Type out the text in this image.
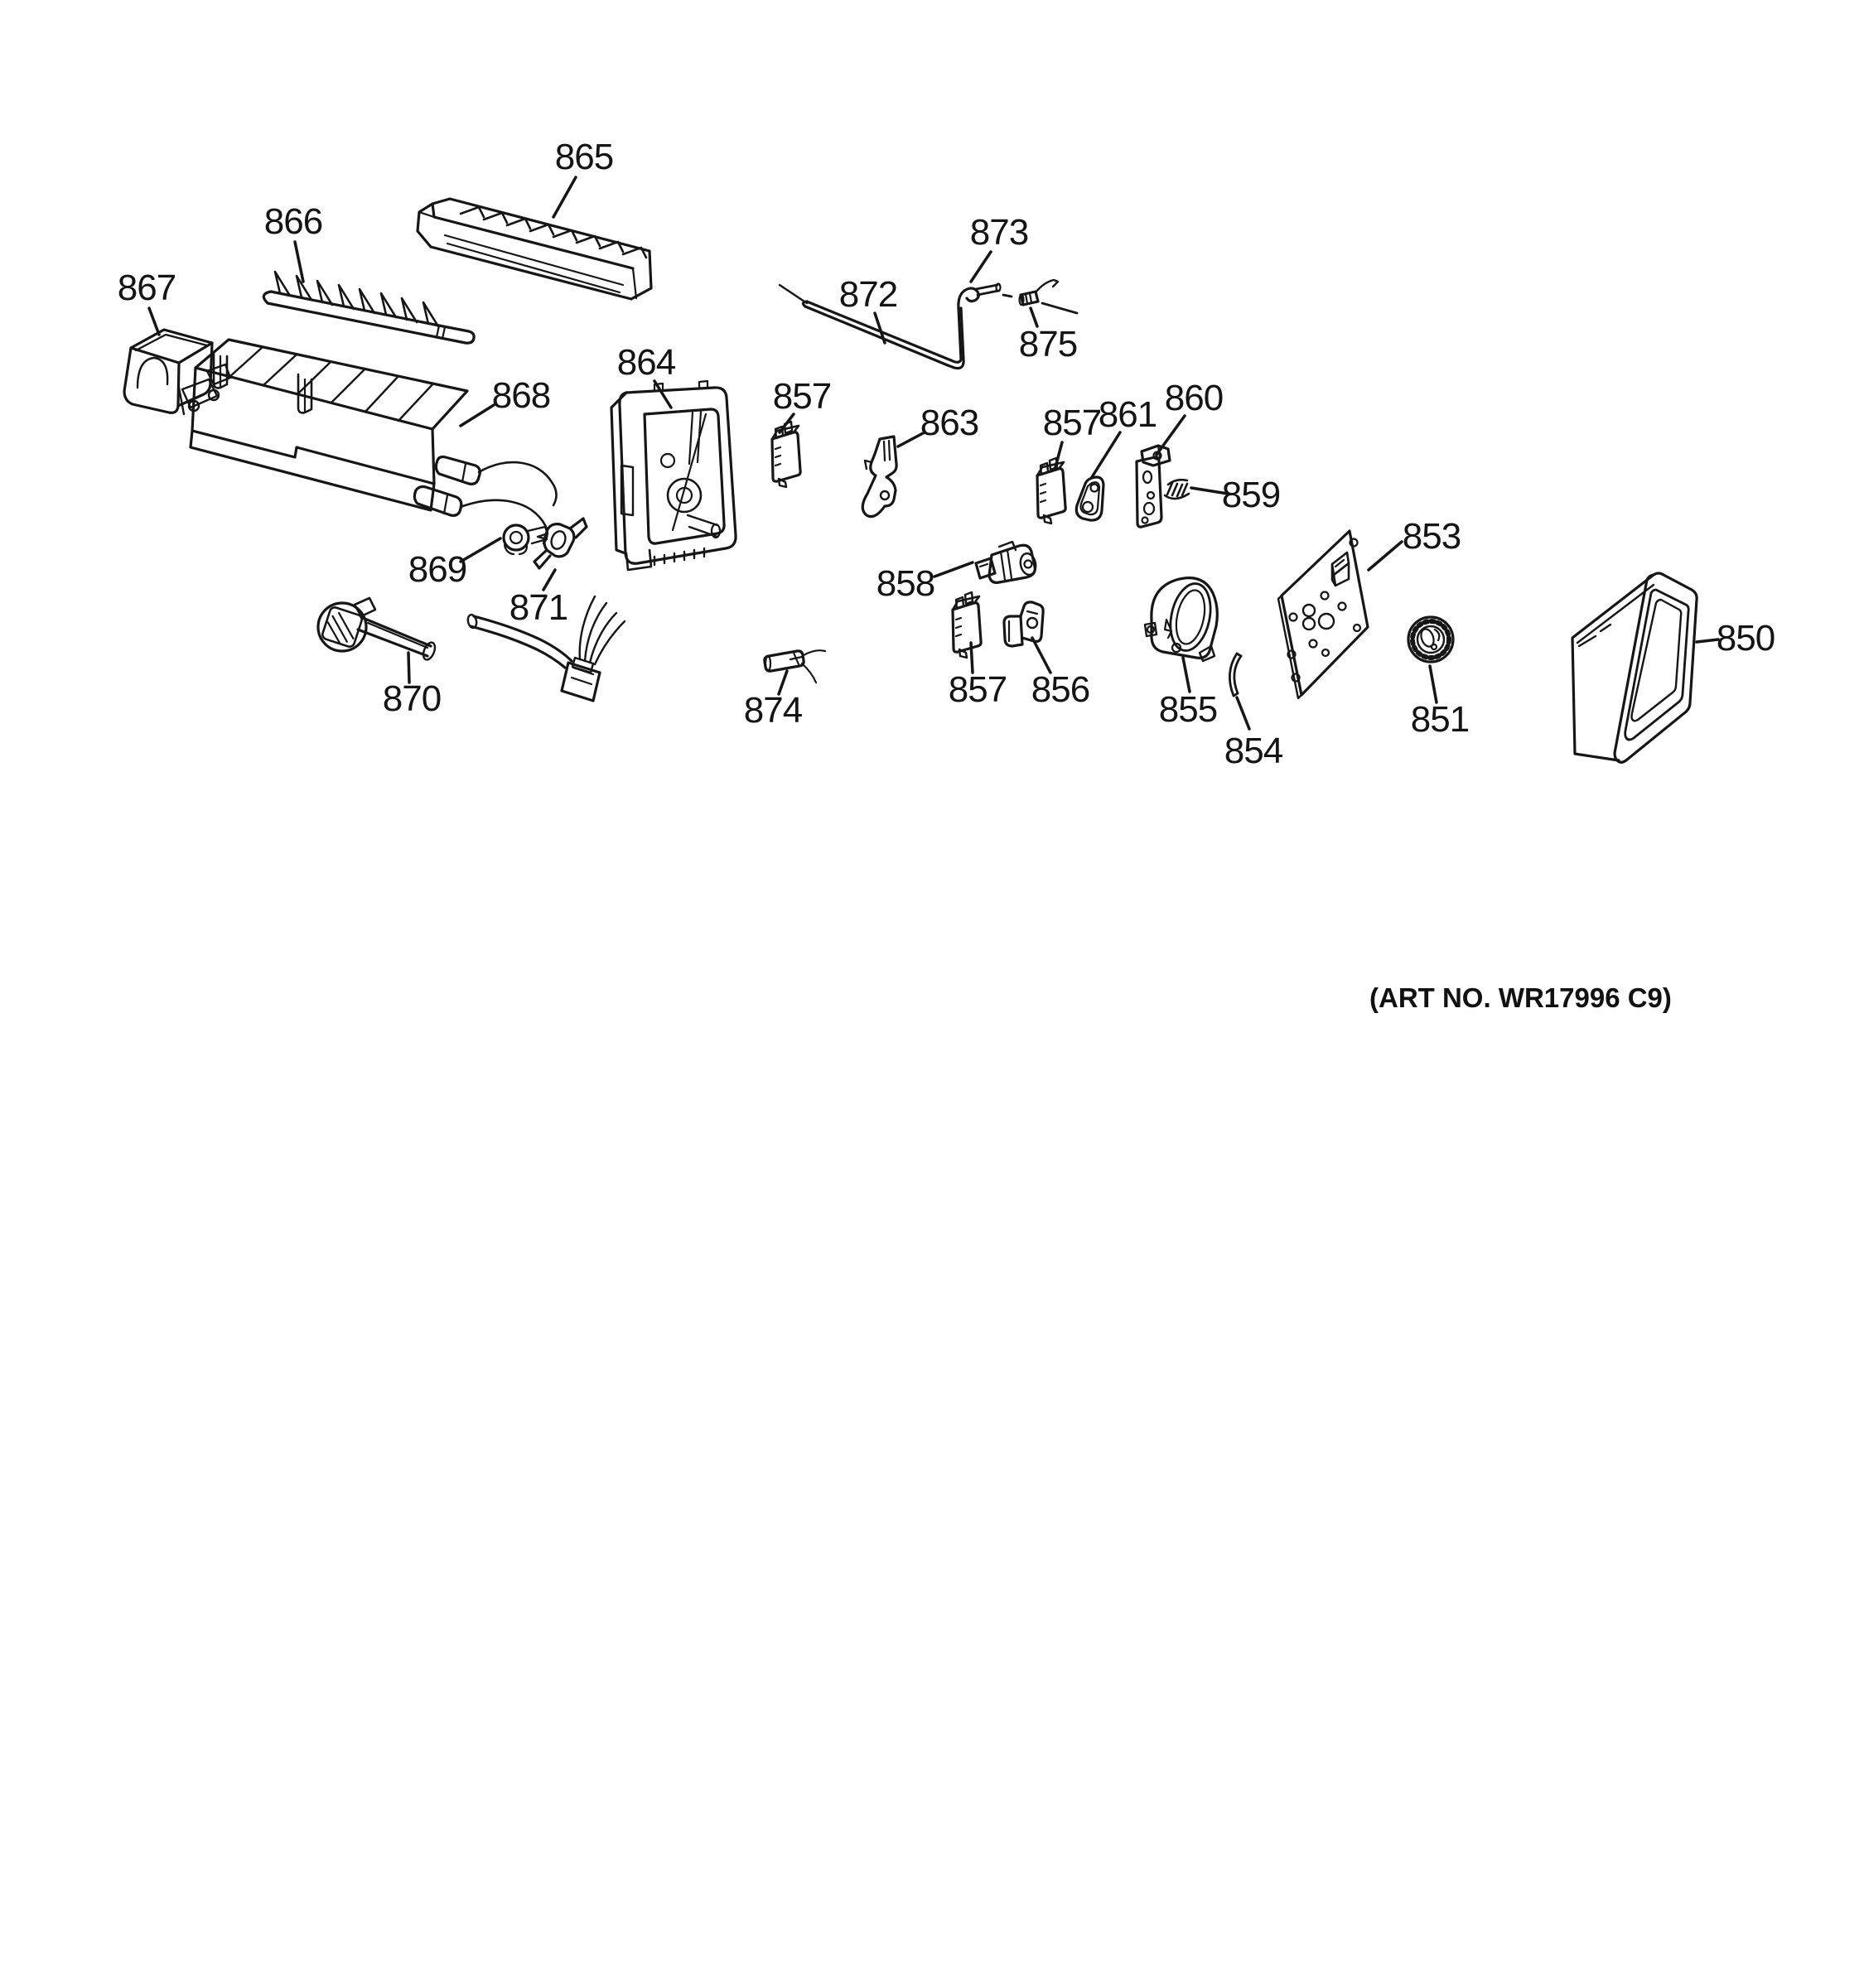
865
866
867
868
864
857
863 857
861 860
859
872
873
875
869
871
870	874
858
857 856 855
854
853
851
850
(ART NO. WR17996 C9)
